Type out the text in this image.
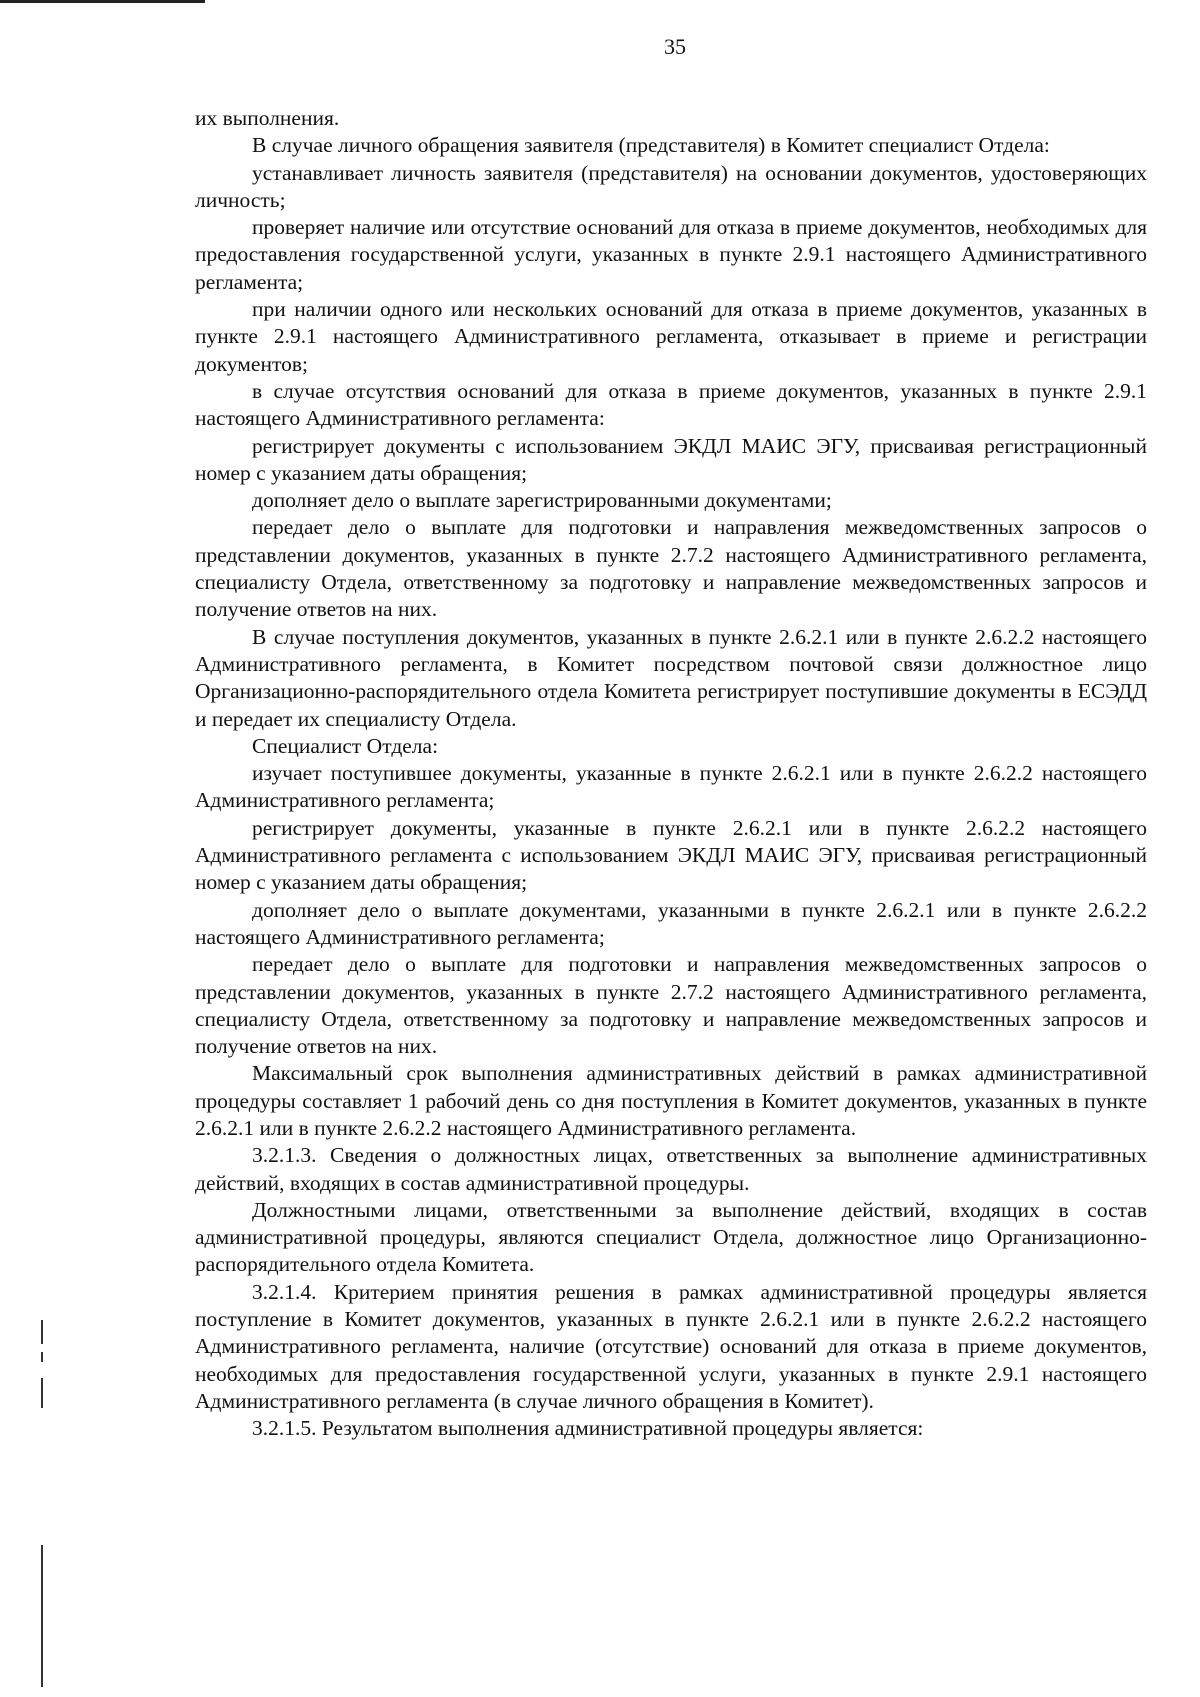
35

их выполнения.

В случае личного обращения заявителя (представителя) в Комитет специалист Отдела:

устанавливает личность заявителя (представителя) на основании документов, удостоверяющих личность;

проверяет наличие или отсутствие оснований для отказа в приеме документов, необходимых для предоставления государственной услуги, указанных в пункте 2.9.1 настоящего Административного регламента;

при наличии одного или нескольких оснований для отказа в приеме документов, указанных в пункте 2.9.1 настоящего Административного регламента, отказывает в приеме и регистрации документов;

в случае отсутствия оснований для отказа в приеме документов, указанных в пункте 2.9.1 настоящего Административного регламента:

регистрирует документы с использованием ЭКДЛ МАИС ЭГУ, присваивая регистрационный номер с указанием даты обращения;

дополняет дело о выплате зарегистрированными документами;

передает дело о выплате для подготовки и направления межведомственных запросов о представлении документов, указанных в пункте 2.7.2 настоящего Административного регламента, специалисту Отдела, ответственному за подготовку и направление межведомственных запросов и получение ответов на них.

В случае поступления документов, указанных в пункте 2.6.2.1 или в пункте 2.6.2.2 настоящего Административного регламента, в Комитет посредством почтовой связи должностное лицо Организационно-распорядительного отдела Комитета регистрирует поступившие документы в ЕСЭДД и передает их специалисту Отдела.

Специалист Отдела:

изучает поступившее документы, указанные в пункте 2.6.2.1 или в пункте 2.6.2.2 настоящего Административного регламента;

регистрирует документы, указанные в пункте 2.6.2.1 или в пункте 2.6.2.2 настоящего Административного регламента с использованием ЭКДЛ МАИС ЭГУ, присваивая регистрационный номер с указанием даты обращения;

дополняет дело о выплате документами, указанными в пункте 2.6.2.1 или в пункте 2.6.2.2 настоящего Административного регламента;

передает дело о выплате для подготовки и направления межведомственных запросов о представлении документов, указанных в пункте 2.7.2 настоящего Административного регламента, специалисту Отдела, ответственному за подготовку и направление межведомственных запросов и получение ответов на них.

Максимальный срок выполнения административных действий в рамках административной процедуры составляет 1 рабочий день со дня поступления в Комитет документов, указанных в пункте 2.6.2.1 или в пункте 2.6.2.2 настоящего Административного регламента.

3.2.1.3. Сведения о должностных лицах, ответственных за выполнение административных действий, входящих в состав административной процедуры.

Должностными лицами, ответственными за выполнение действий, входящих в состав административной процедуры, являются специалист Отдела, должностное лицо Организационно-распорядительного отдела Комитета.

3.2.1.4. Критерием принятия решения в рамках административной процедуры является поступление в Комитет документов, указанных в пункте 2.6.2.1 или в пункте 2.6.2.2 настоящего Административного регламента, наличие (отсутствие) оснований для отказа в приеме документов, необходимых для предоставления государственной услуги, указанных в пункте 2.9.1 настоящего Административного регламента (в случае личного обращения в Комитет).

3.2.1.5. Результатом выполнения административной процедуры является:
